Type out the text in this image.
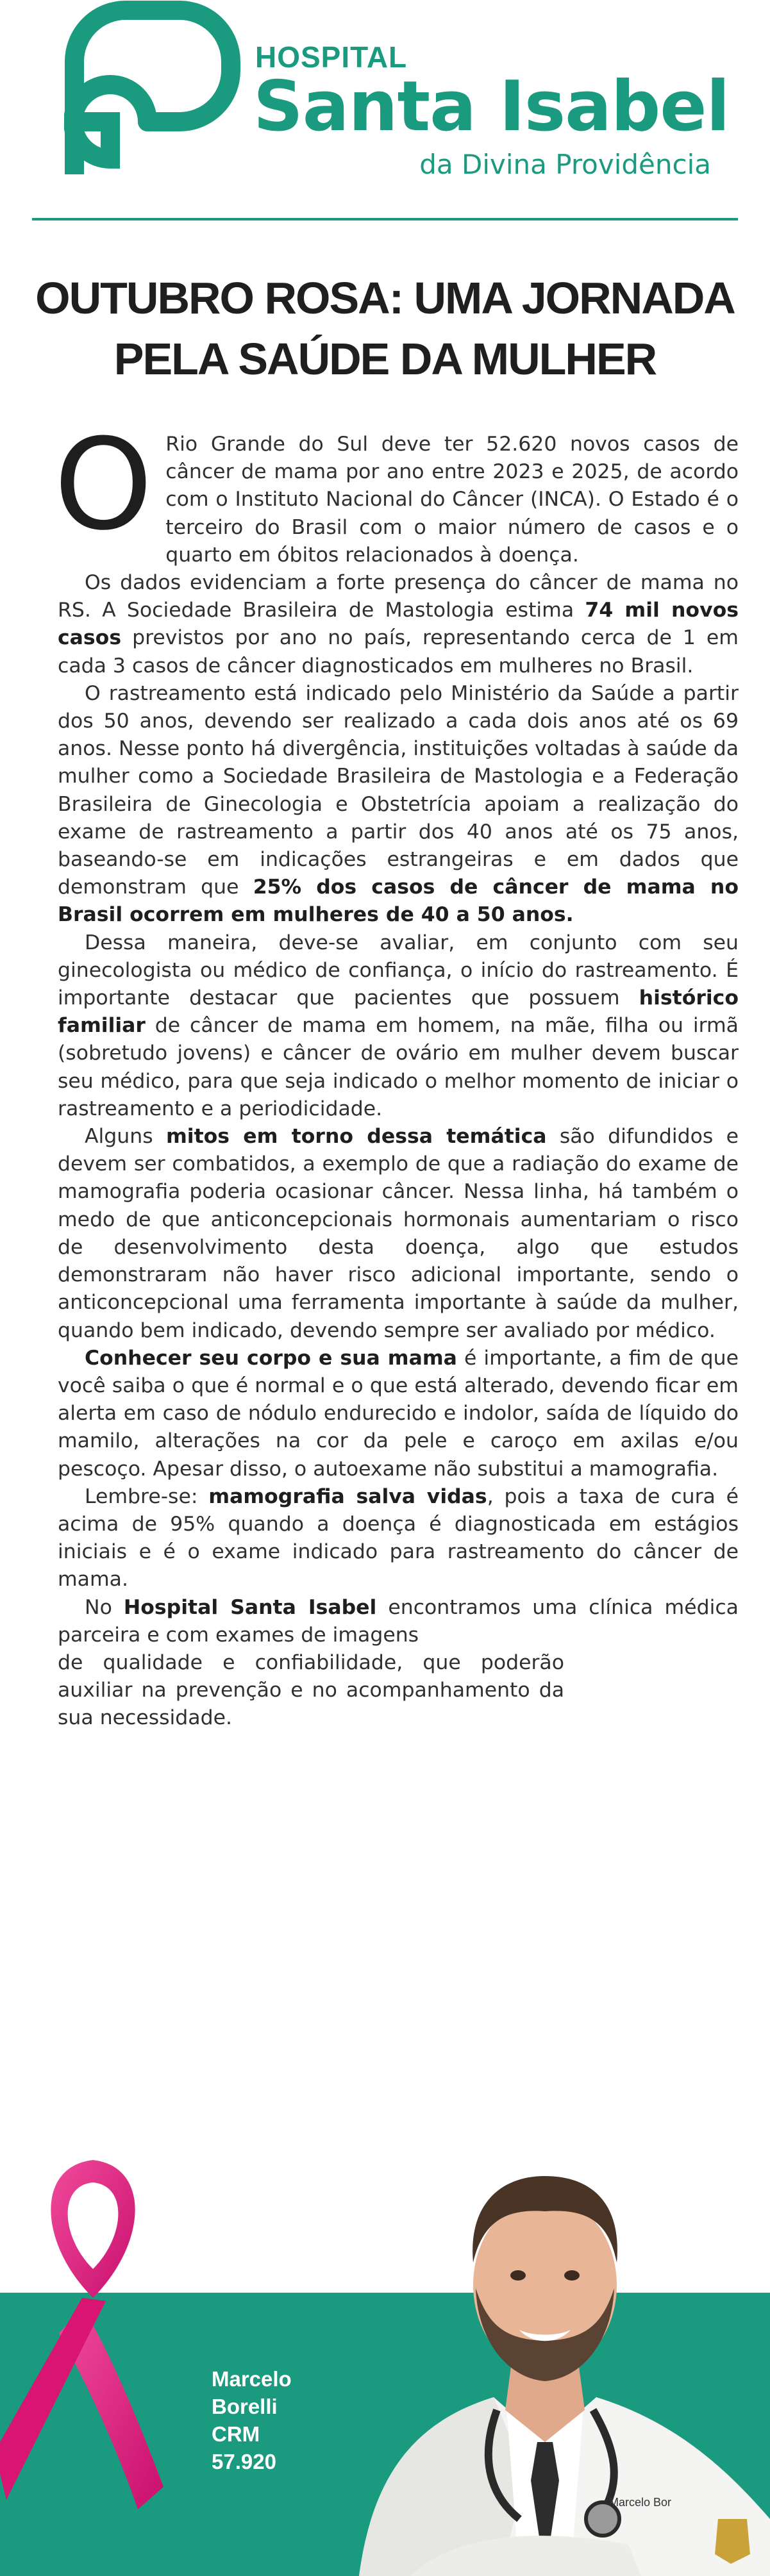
HOSPITAL
Santa Isabel
da Divina Providência
OUTUBRO ROSA: UMA JORNADA
PELA SAÚDE DA MULHER

O Rio Grande do Sul deve ter 52.620 novos casos de câncer de mama por ano entre 2023 e 2025, de acordo com o Instituto Nacional do Câncer (INCA). O Estado é o terceiro do Brasil com o maior número de casos e o quarto em óbitos relacionados à doença.

Os dados evidenciam a forte presença do câncer de mama no RS. A Sociedade Brasileira de Mastologia estima 74 mil novos casos previstos por ano no país, representando cerca de 1 em cada 3 casos de câncer diagnosticados em mulheres no Brasil.

O rastreamento está indicado pelo Ministério da Saúde a partir dos 50 anos, devendo ser realizado a cada dois anos até os 69 anos. Nesse ponto há divergência, instituições voltadas à saúde da mulher como a Sociedade Brasileira de Mastologia e a Federação Brasileira de Ginecologia e Obstetrícia apoiam a realização do exame de rastreamento a partir dos 40 anos até os 75 anos, baseando-se em indicações estrangeiras e em dados que demonstram que 25% dos casos de câncer de mama no Brasil ocorrem em mulheres de 40 a 50 anos.

Dessa maneira, deve-se avaliar, em conjunto com seu ginecologista ou médico de confiança, o início do rastreamento. É importante destacar que pacientes que possuem histórico familiar de câncer de mama em homem, na mãe, filha ou irmã (sobretudo jovens) e câncer de ovário em mulher devem buscar seu médico, para que seja indicado o melhor momento de iniciar o rastreamento e a periodicidade.

Alguns mitos em torno dessa temática são difundidos e devem ser combatidos, a exemplo de que a radiação do exame de mamografia poderia ocasionar câncer. Nessa linha, há também o medo de que anticoncepcionais hormonais aumentariam o risco de desenvolvimento desta doença, algo que estudos demonstraram não haver risco adicional importante, sendo o anticoncepcional uma ferramenta importante à saúde da mulher, quando bem indicado, devendo sempre ser avaliado por médico.

Conhecer seu corpo e sua mama é importante, a fim de que você saiba o que é normal e o que está alterado, devendo ficar em alerta em caso de nódulo endurecido e indolor, saída de líquido do mamilo, alterações na cor da pele e caroço em axilas e/ou pescoço. Apesar disso, o autoexame não substitui a mamografia.

Lembre-se: mamografia salva vidas, pois a taxa de cura é acima de 95% quando a doença é diagnosticada em estágios iniciais e é o exame indicado para rastreamento do câncer de mama.

No Hospital Santa Isabel encontramos uma clínica médica parceira e com exames de imagens

de qualidade e confiabilidade, que poderão auxiliar na prevenção e no acompanhamento da sua necessidade.

Marcelo
Borelli
CRM 57.920
Marcelo Bor
